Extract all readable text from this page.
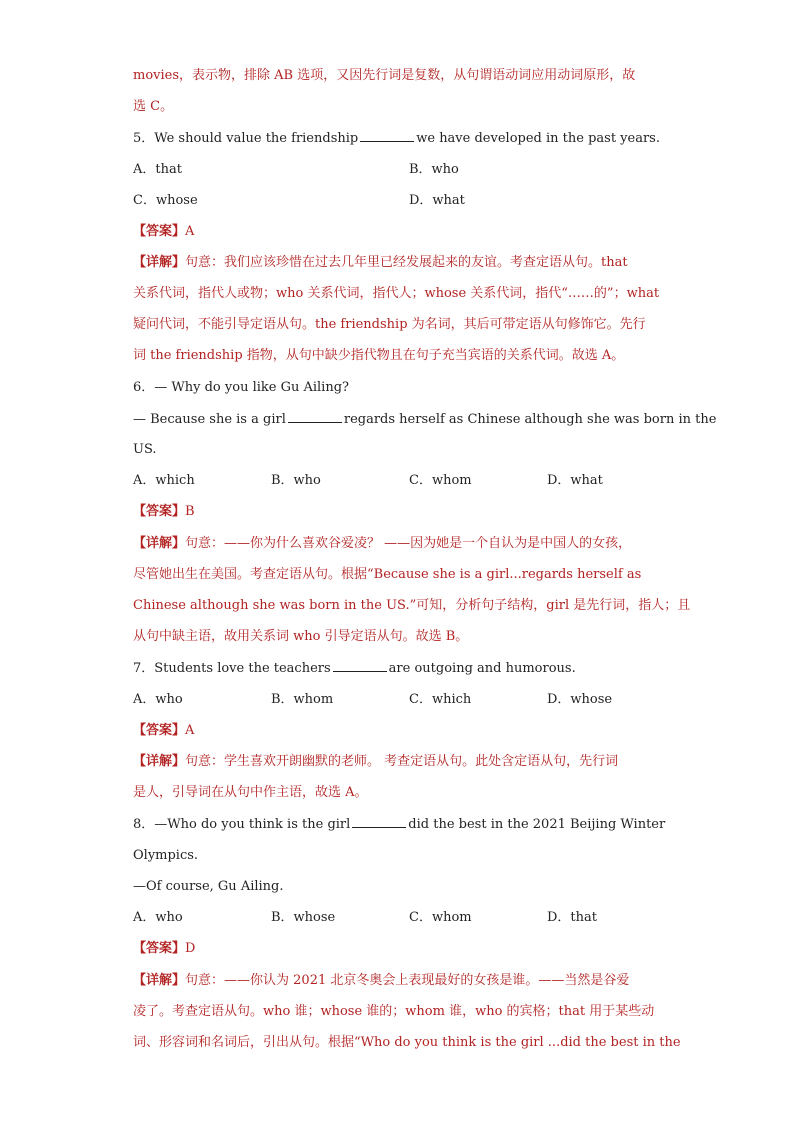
movies，表示物，排除 AB 选项，又因先行词是复数，从句谓语动词应用动词原形，故
选 C。
5．We should value the friendship	we have developed in the past years.
A．that	B．who
C．whose	D．what
【答案】A
【详解】句意：我们应该珍惜在过去几年里已经发展起来的友谊。考查定语从句。that
关系代词，指代人或物；who 关系代词，指代人；whose 关系代词，指代“……的”；what
疑问代词，不能引导定语从句。the friendship 为名词，其后可带定语从句修饰它。先行
词 the friendship 指物，从句中缺少指代物且在句子充当宾语的关系代词。故选 A。
6．— Why do you like Gu Ailing?
— Because she is a girl	regards herself as Chinese although she was born in the
US.
A．which	B．who	C．whom	D．what
【答案】B
【详解】句意：——你为什么喜欢谷爱凌？ ——因为她是一个自认为是中国人的女孩，
尽管她出生在美国。考查定语从句。根据“Because she is a girl...regards herself as
Chinese although she was born in the US.”可知，分析句子结构，girl 是先行词，指人；且
从句中缺主语，故用关系词 who 引导定语从句。故选 B。
7．Students love the teachers	are outgoing and humorous.
A．who	B．whom	C．which	D．whose
【答案】A
【详解】句意：学生喜欢开朗幽默的老师。 考查定语从句。此处含定语从句，先行词
是人，引导词在从句中作主语，故选 A。
8．—Who do you think is the girl	did the best in the 2021 Beijing Winter
Olympics.
—Of course, Gu Ailing.
A．who	B．whose	C．whom	D．that
【答案】D
【详解】句意：——你认为 2021 北京冬奥会上表现最好的女孩是谁。——当然是谷爱
凌了。考查定语从句。who 谁；whose 谁的；whom 谁，who 的宾格；that 用于某些动
词、形容词和名词后，引出从句。根据“Who do you think is the girl ...did the best in the
